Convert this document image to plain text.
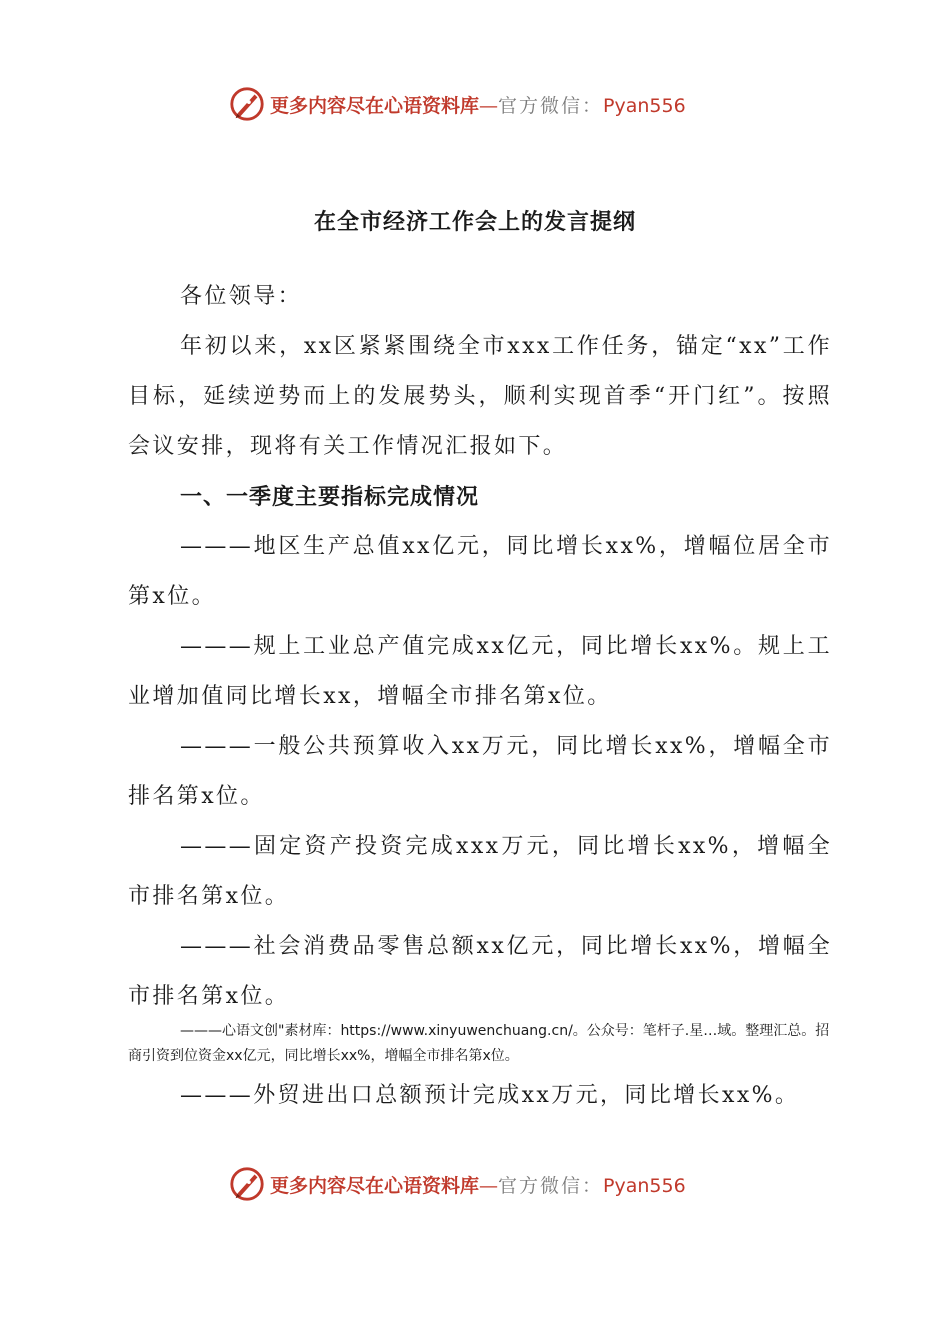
更多内容尽在心语资料库—官方微信：Pyan556
在全市经济工作会上的发言提纲
各位领导：
年初以来，xx区紧紧围绕全市xxx工作任务，锚定“xx”工作目标，延续逆势而上的发展势头，顺利实现首季“开门红”。按照会议安排，现将有关工作情况汇报如下。
一、一季度主要指标完成情况
———地区生产总值xx亿元，同比增长xx%，增幅位居全市第x位。
———规上工业总产值完成xx亿元，同比增长xx%。规上工业增加值同比增长xx，增幅全市排名第x位。
———一般公共预算收入xx万元，同比增长xx%，增幅全市排名第x位。
———固定资产投资完成xxx万元，同比增长xx%，增幅全市排名第x位。
———社会消费品零售总额xx亿元，同比增长xx%，增幅全市排名第x位。
———心语文创"素材库：https://www.xinyuwenchuang.cn/。公众号：笔杆子.星…域。整理汇总。招商引资到位资金xx亿元，同比增长xx%，增幅全市排名第x位。
———外贸进出口总额预计完成xx万元，同比增长xx%。
更多内容尽在心语资料库—官方微信：Pyan556
